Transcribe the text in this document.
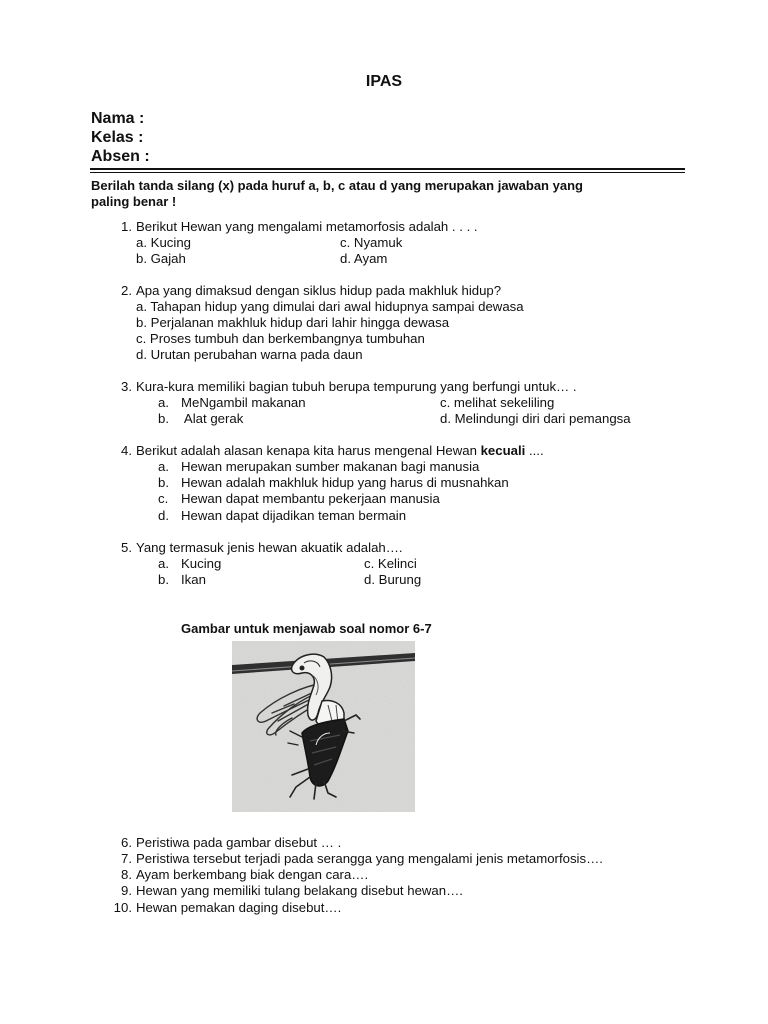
IPAS
Nama :
Kelas :
Absen :
Berilah tanda silang (x) pada huruf a, b, c atau d yang merupakan jawaban yang
paling benar !
1. Berikut Hewan yang mengalami metamorfosis adalah . . . .
a. Kucing	c. Nyamuk
b. Gajah	d. Ayam
2. Apa yang dimaksud dengan siklus hidup pada makhluk hidup?
a. Tahapan hidup yang dimulai dari awal hidupnya sampai dewasa
b. Perjalanan makhluk hidup dari lahir hingga dewasa
c. Proses tumbuh dan berkembangnya tumbuhan
d. Urutan perubahan warna pada daun
3. Kura-kura memiliki bagian tubuh berupa tempurung yang berfungi untuk… .
a. MeNgambil makanan	c. melihat sekeliling
b. Alat gerak	d. Melindungi diri dari pemangsa
4. Berikut adalah alasan kenapa kita harus mengenal Hewan kecuali ....
a. Hewan merupakan sumber makanan bagi manusia
b. Hewan adalah makhluk hidup yang harus di musnahkan
c. Hewan dapat membantu pekerjaan manusia
d. Hewan dapat dijadikan teman bermain
5. Yang termasuk jenis hewan akuatik adalah….
a. Kucing	c. Kelinci
b. Ikan	d. Burung
Gambar untuk menjawab soal nomor 6-7
6. Peristiwa pada gambar disebut … .
7. Peristiwa tersebut terjadi pada serangga yang mengalami jenis metamorfosis….
8. Ayam berkembang biak dengan cara….
9. Hewan yang memiliki tulang belakang disebut hewan….
10. Hewan pemakan daging disebut….
